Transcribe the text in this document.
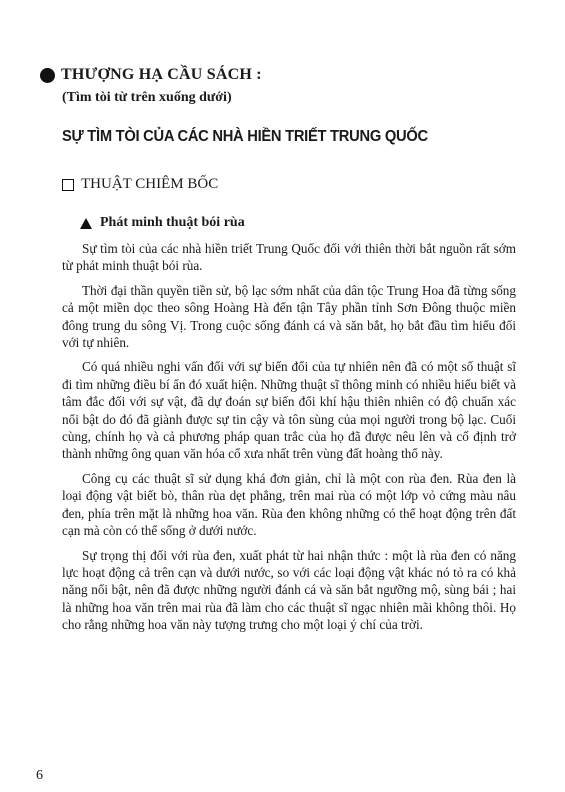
THƯỢNG HẠ CẦU SÁCH :
(Tìm tòi từ trên xuống dưới)
SỰ TÌM TÒI CỦA CÁC NHÀ HIỀN TRIẾT TRUNG QUỐC
THUẬT CHIÊM BỐC
Phát minh thuật bói rùa

Sự tìm tòi của các nhà hiền triết Trung Quốc đối với thiên thời bắt nguồn rất sớm từ phát minh thuật bói rùa.

Thời đại thần quyền tiền sử, bộ lạc sớm nhất của dân tộc Trung Hoa đã từng sống cả một miền dọc theo sông Hoàng Hà đến tận Tây phần tỉnh Sơn Đông thuộc miền đông trung du sông Vị. Trong cuộc sống đánh cá và săn bắt, họ bắt đầu tìm hiểu đối với tự nhiên.

Có quá nhiều nghi vấn đối với sự biến đổi của tự nhiên nên đã có một số thuật sĩ đi tìm những điều bí ẩn đó xuất hiện. Những thuật sĩ thông minh có nhiều hiểu biết và tâm đắc đối với sự vật, đã dự đoán sự biến đổi khí hậu thiên nhiên có độ chuẩn xác nổi bật do đó đã giành được sự tin cậy và tôn sùng của mọi người trong bộ lạc. Cuối cùng, chính họ và cả phương pháp quan trắc của họ đã được nêu lên và cố định trở thành những ông quan văn hóa cổ xưa nhất trên vùng đất hoàng thổ này.

Công cụ các thuật sĩ sử dụng khá đơn giản, chỉ là một con rùa đen. Rùa đen là loại động vật biết bò, thân rùa dẹt phẳng, trên mai rùa có một lớp vỏ cứng màu nâu đen, phía trên mặt là những hoa văn. Rùa đen không những có thể hoạt động trên đất cạn mà còn có thể sống ở dưới nước.

Sự trọng thị đối với rùa đen, xuất phát từ hai nhận thức : một là rùa đen có năng lực hoạt động cả trên cạn và dưới nước, so với các loại động vật khác nó tỏ ra có khả năng nổi bật, nên đã được những người đánh cá và săn bắt ngưỡng mộ, sùng bái ; hai là những hoa văn trên mai rùa đã làm cho các thuật sĩ ngạc nhiên mãi không thôi. Họ cho rằng những hoa văn này tượng trưng cho một loại ý chí của trời.

6
